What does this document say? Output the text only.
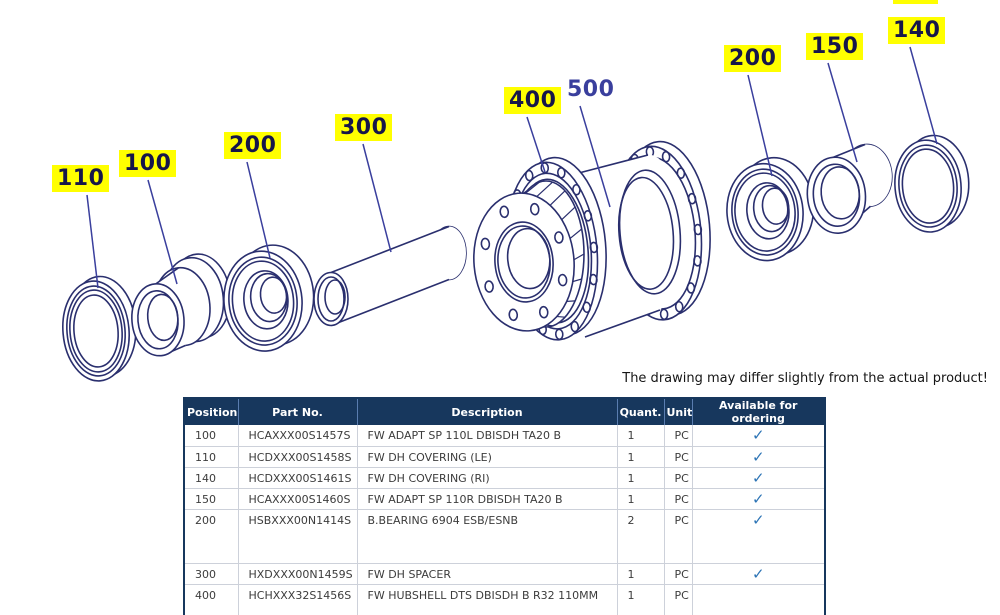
110
100
200
300
400 500
200 150
140
The drawing may differ slightly from the actual product!
Position	Part No.	Description	Quant.	Unit	Available for ordering
100	HCAXXX00S1457S	FW ADAPT SP 110L DBISDH TA20 B	1	PC	✓
110	HCDXXX00S1458S	FW DH COVERING (LE)	1	PC	✓
140	HCDXXX00S1461S	FW DH COVERING (RI)	1	PC	✓
150	HCAXXX00S1460S	FW ADAPT SP 110R DBISDH TA20 B	1	PC	✓
200	HSBXXX00N1414S	B.BEARING 6904 ESB/ESNB	2	PC	✓
300	HXDXXX00N1459S	FW DH SPACER	1	PC	✓
400	HCHXXX32S1456S	FW HUBSHELL DTS DBISDH B R32 110MM	1	PC	
